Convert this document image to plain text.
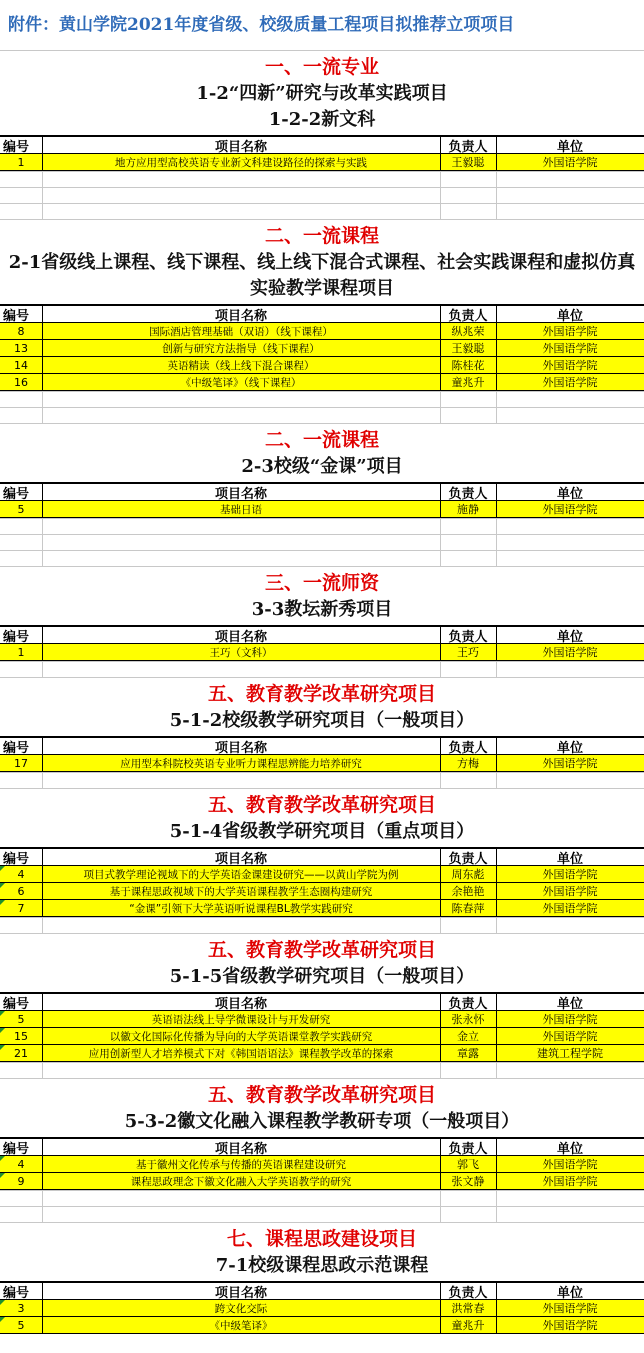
附件：黄山学院2021年度省级、校级质量工程项目拟推荐立项项目
一、一流专业
1-2“四新”研究与改革实践项目
1-2-2新文科
编号	项目名称	负责人	单位
1	地方应用型高校英语专业新文科建设路径的探索与实践	王毅聪	外国语学院
二、一流课程
2-1省级线上课程、线下课程、线上线下混合式课程、社会实践课程和虚拟仿真实验教学课程项目
编号	项目名称	负责人	单位
8	国际酒店管理基础（双语）（线下课程）	纵兆荣	外国语学院
13	创新与研究方法指导（线下课程）	王毅聪	外国语学院
14	英语精读（线上线下混合课程）	陈桂花	外国语学院
16	《中级笔译》（线下课程）	童兆升	外国语学院
二、一流课程
2-3校级“金课”项目
编号	项目名称	负责人	单位
5	基础日语	施静	外国语学院
三、一流师资
3-3教坛新秀项目
编号	项目名称	负责人	单位
1	王巧（文科）	王巧	外国语学院
五、教育教学改革研究项目
5-1-2校级教学研究项目（一般项目）
编号	项目名称	负责人	单位
17	应用型本科院校英语专业听力课程思辨能力培养研究	方梅	外国语学院
五、教育教学改革研究项目
5-1-4省级教学研究项目（重点项目）
编号	项目名称	负责人	单位
4	项目式教学理论视域下的大学英语金课建设研究——以黄山学院为例	周东彪	外国语学院
6	基于课程思政视域下的大学英语课程教学生态圈构建研究	余艳艳	外国语学院
7	“金课”引领下大学英语听说课程BL教学实践研究	陈春萍	外国语学院
五、教育教学改革研究项目
5-1-5省级教学研究项目（一般项目）
编号	项目名称	负责人	单位
5	英语语法线上导学微课设计与开发研究	张永怀	外国语学院
15	以徽文化国际化传播为导向的大学英语课堂教学实践研究	金立	外国语学院
21	应用创新型人才培养模式下对《韩国语语法》课程教学改革的探索	章露	建筑工程学院
五、教育教学改革研究项目
5-3-2徽文化融入课程教学教研专项（一般项目）
编号	项目名称	负责人	单位
4	基于徽州文化传承与传播的英语课程建设研究	郭飞	外国语学院
9	课程思政理念下徽文化融入大学英语教学的研究	张文静	外国语学院
七、课程思政建设项目
7-1校级课程思政示范课程
编号	项目名称	负责人	单位
3	跨文化交际	洪常春	外国语学院
5	《中级笔译》	童兆升	外国语学院
